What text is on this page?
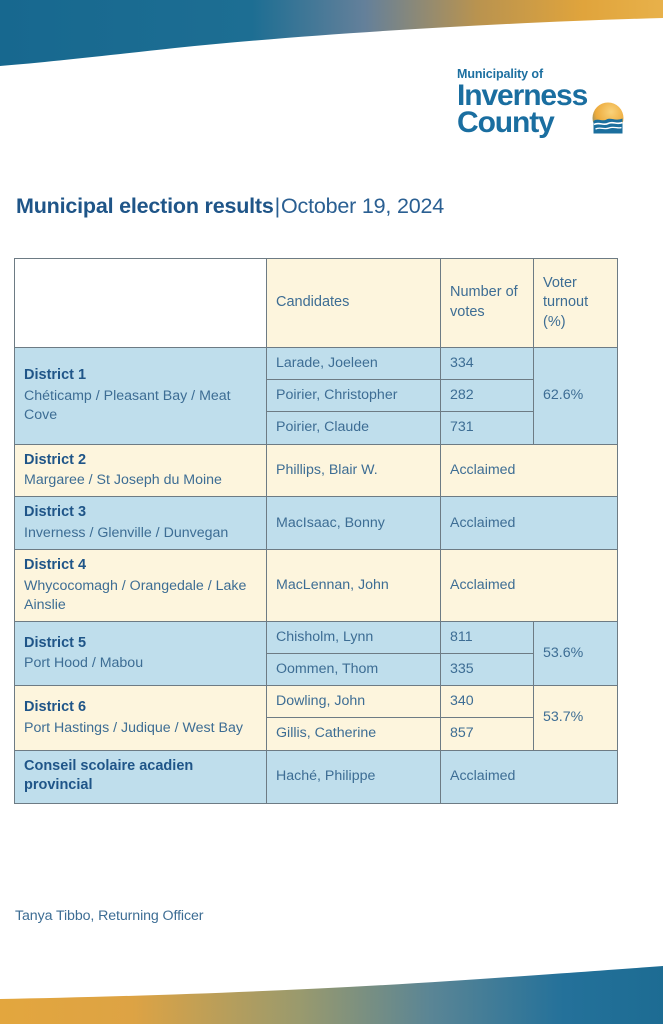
Municipality of
Inverness
County
Municipal election results|October 19, 2024
	Candidates	Number of votes	Voter turnout (%)

District 1
Chéticamp / Pleasant Bay / Meat Cove	Larade, Joeleen	334	62.6%
	Poirier, Christopher	282	
	Poirier, Claude	731	

District 2
Margaree / St Joseph du Moine	Phillips, Blair W.	Acclaimed	

District 3
Inverness / Glenville / Dunvegan	MacIsaac, Bonny	Acclaimed	

District 4
Whycocomagh / Orangedale / Lake Ainslie	MacLennan, John	Acclaimed	

District 5
Port Hood / Mabou	Chisholm, Lynn	811	53.6%
	Oommen, Thom	335	

District 6
Port Hastings / Judique / West Bay	Dowling, John	340	53.7%
	Gillis, Catherine	857	

Conseil scolaire acadien provincial	Haché, Philippe	Acclaimed	
Tanya Tibbo, Returning Officer
